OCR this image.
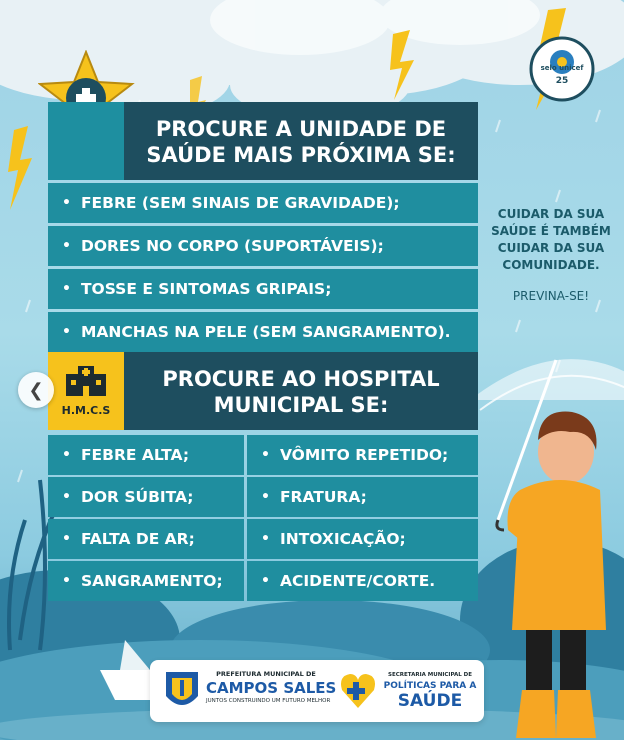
selo unicef
25
PROCURE A UNIDADE DE
SAÚDE MAIS PRÓXIMA SE:
• FEBRE (SEM SINAIS DE GRAVIDADE);
• DORES NO CORPO (SUPORTÁVEIS);
• TOSSE E SINTOMAS GRIPAIS;
• MANCHAS NA PELE (SEM SANGRAMENTO).
H.M.C.S
PROCURE AO HOSPITAL
MUNICIPAL SE:
• FEBRE ALTA;	• VÔMITO REPETIDO;
• DOR SÚBITA;	• FRATURA;
• FALTA DE AR;	• INTOXICAÇÃO;
• SANGRAMENTO;	• ACIDENTE/CORTE.
CUIDAR DA SUA
SAÚDE É TAMBÉM
CUIDAR DA SUA
COMUNIDADE.
PREVINA-SE!
❮
PREFEITURA MUNICIPAL DE
CAMPOS SALES
JUNTOS CONSTRUINDO UM FUTURO MELHOR
SECRETARIA MUNICIPAL DE
POLÍTICAS PARA A
SAÚDE
